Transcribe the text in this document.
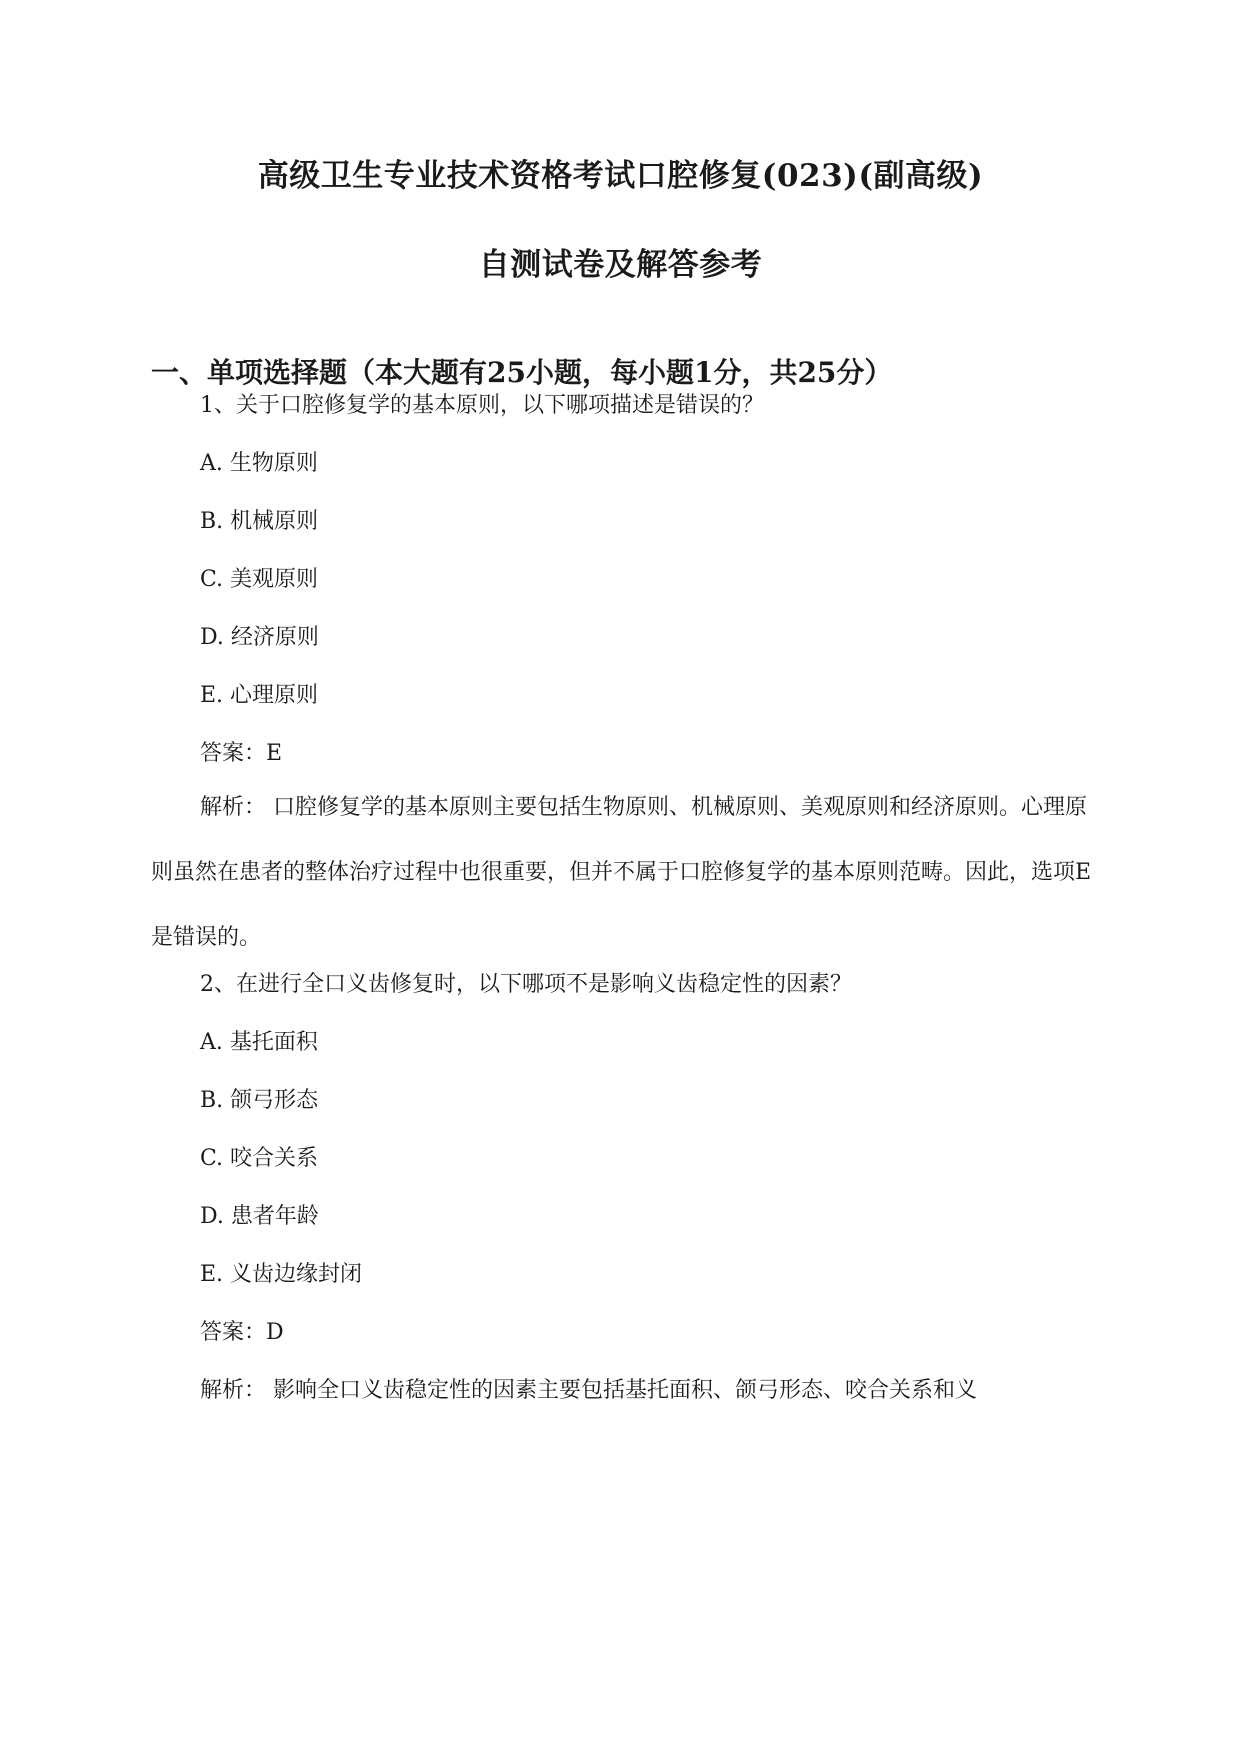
高级卫生专业技术资格考试口腔修复(023)(副高级)
自测试卷及解答参考
一、单项选择题（本大题有25小题，每小题1分，共25分）
1、关于口腔修复学的基本原则，以下哪项描述是错误的？
A. 生物原则
B. 机械原则
C. 美观原则
D. 经济原则
E. 心理原则
答案：E
解析： 口腔修复学的基本原则主要包括生物原则、机械原则、美观原则和经济原则。心理原则虽然在患者的整体治疗过程中也很重要，但并不属于口腔修复学的基本原则范畴。因此，选项E是错误的。
2、在进行全口义齿修复时，以下哪项不是影响义齿稳定性的因素？
A. 基托面积
B. 颌弓形态
C. 咬合关系
D. 患者年龄
E. 义齿边缘封闭
答案：D
解析： 影响全口义齿稳定性的因素主要包括基托面积、颌弓形态、咬合关系和义
